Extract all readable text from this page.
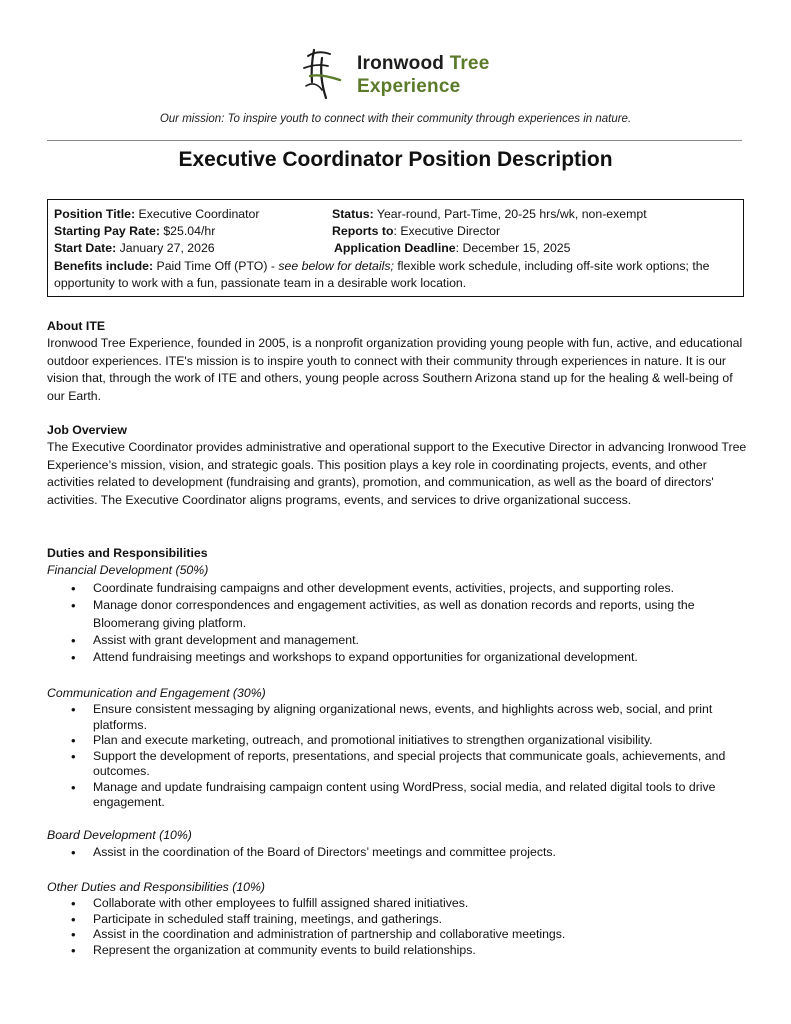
Ironwood Tree
Experience
Our mission: To inspire youth to connect with their community through experiences in nature.
Executive Coordinator Position Description
Position Title: Executive Coordinator	Status: Year-round, Part-Time, 20-25 hrs/wk, non-exempt
Starting Pay Rate: $25.04/hr	Reports to: Executive Director
Start Date: January 27, 2026	Application Deadline: December 15, 2025
Benefits include: Paid Time Off (PTO) - see below for details; flexible work schedule, including off-site work options; the opportunity to work with a fun, passionate team in a desirable work location.
About ITE
Ironwood Tree Experience, founded in 2005, is a nonprofit organization providing young people with fun, active, and educational outdoor experiences. ITE's mission is to inspire youth to connect with their community through experiences in nature. It is our vision that, through the work of ITE and others, young people across Southern Arizona stand up for the healing & well-being of our Earth.
Job Overview
The Executive Coordinator provides administrative and operational support to the Executive Director in advancing Ironwood Tree Experience’s mission, vision, and strategic goals. This position plays a key role in coordinating projects, events, and other activities related to development (fundraising and grants), promotion, and communication, as well as the board of directors' activities. The Executive Coordinator aligns programs, events, and services to drive organizational success.
Duties and Responsibilities
Financial Development (50%)
• Coordinate fundraising campaigns and other development events, activities, projects, and supporting roles.
• Manage donor correspondences and engagement activities, as well as donation records and reports, using the Bloomerang giving platform.
• Assist with grant development and management.
• Attend fundraising meetings and workshops to expand opportunities for organizational development.
Communication and Engagement (30%)
• Ensure consistent messaging by aligning organizational news, events, and highlights across web, social, and print platforms.
• Plan and execute marketing, outreach, and promotional initiatives to strengthen organizational visibility.
• Support the development of reports, presentations, and special projects that communicate goals, achievements, and outcomes.
• Manage and update fundraising campaign content using WordPress, social media, and related digital tools to drive engagement.
Board Development (10%)
• Assist in the coordination of the Board of Directors’ meetings and committee projects.
Other Duties and Responsibilities (10%)
• Collaborate with other employees to fulfill assigned shared initiatives.
• Participate in scheduled staff training, meetings, and gatherings.
• Assist in the coordination and administration of partnership and collaborative meetings.
• Represent the organization at community events to build relationships.
